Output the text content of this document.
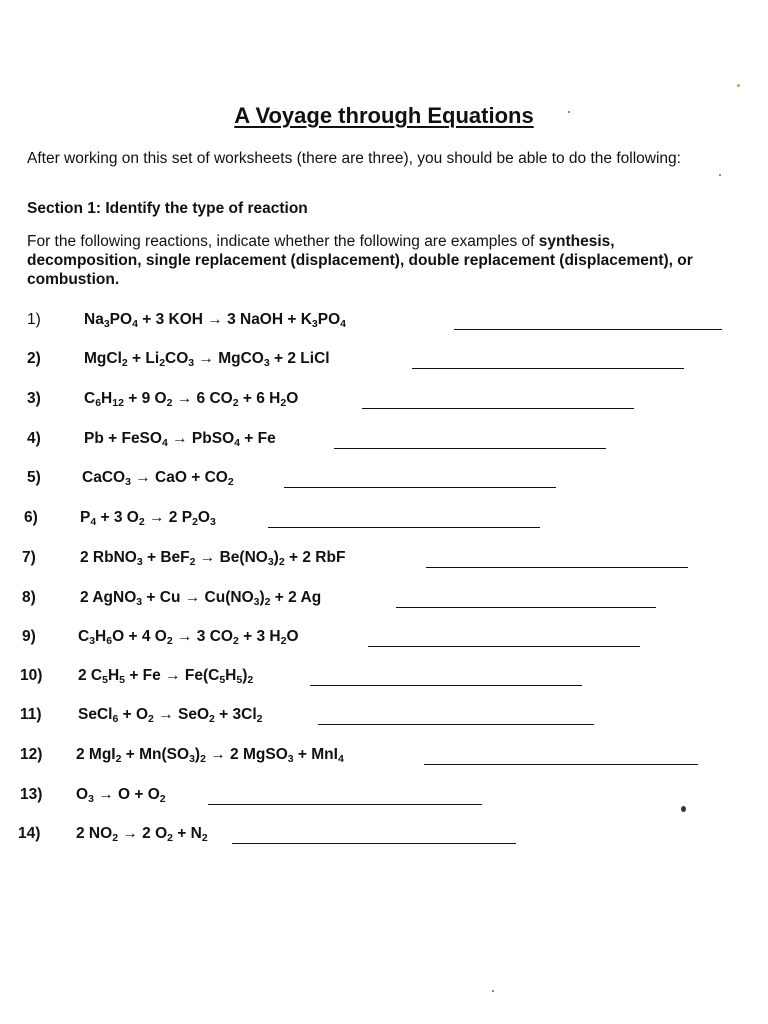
A Voyage through Equations
After working on this set of worksheets (there are three), you should be able to do the following:
Section 1: Identify the type of reaction
For the following reactions, indicate whether the following are examples of synthesis, decomposition, single replacement (displacement), double replacement (displacement), or combustion.
1)	$Na_3PO_4 + 3$ KOH → 3 NaOH + $K_3PO_4$
2)	MgCl$_2$ + $Li_2CO_3$ → MgCO$_3$ + 2 LiCl
3)	$C_6H_{12} + 9$ $O_2 \to 6$ $CO_2 + 6$ $H_2O$
4)	Pb + FeSO$_4$ → PbSO$_4$ + Fe
5)	CaCO$_3$ → CaO + $CO_2$
6)	$P_4 + 3$ $O_2 \to 2$ $P_2O_3$
7)	2 RbNO$_3$ + $BeF_2 \to Be(NO_3)_2 + 2$ RbF
8)	2 AgNO$_3$ + $Cu \to Cu(NO_3)_2 + 2$ Ag
9)	$C_3H_6O + 4$ $O_2 \to 3$ $CO_2 + 3$ $H_2O$
10) 2 $C_5H_5 + Fe \to Fe(C_5H_5)_2$
11) SeCl$_6$ + $O_2 \to SeO_2 + 3Cl_2$
12) 2 $MgI_2 + Mn(SO_3)_2 \to 2$ MgSO$_3$ + MnI$_4$
13) $O_3 \to O + O_2$
14) 2 $NO_2 \to 2$ $O_2 + N_2$
